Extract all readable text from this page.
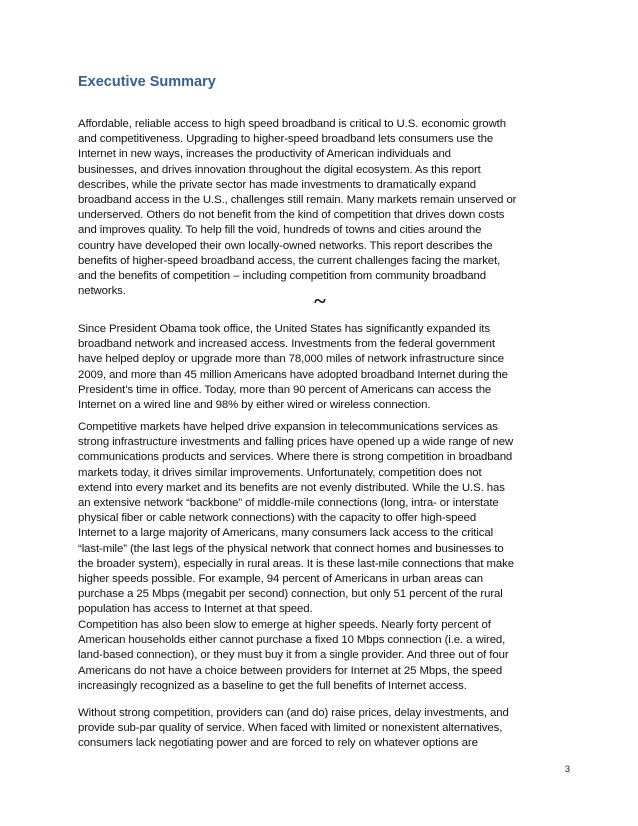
Executive Summary

Affordable, reliable access to high speed broadband is critical to U.S. economic growth
and competitiveness. Upgrading to higher-speed broadband lets consumers use the
Internet in new ways, increases the productivity of American individuals and
businesses, and drives innovation throughout the digital ecosystem. As this report
describes, while the private sector has made investments to dramatically expand
broadband access in the U.S., challenges still remain. Many markets remain unserved or
underserved. Others do not benefit from the kind of competition that drives down costs
and improves quality. To help fill the void, hundreds of towns and cities around the
country have developed their own locally-owned networks. This report describes the
benefits of higher-speed broadband access, the current challenges facing the market,
and the benefits of competition – including competition from community broadband
networks.	~

Since President Obama took office, the United States has significantly expanded its
broadband network and increased access. Investments from the federal government
have helped deploy or upgrade more than 78,000 miles of network infrastructure since
2009, and more than 45 million Americans have adopted broadband Internet during the
President’s time in office. Today, more than 90 percent of Americans can access the
Internet on a wired line and 98% by either wired or wireless connection.

Competitive markets have helped drive expansion in telecommunications services as
strong infrastructure investments and falling prices have opened up a wide range of new
communications products and services. Where there is strong competition in broadband
markets today, it drives similar improvements. Unfortunately, competition does not
extend into every market and its benefits are not evenly distributed. While the U.S. has
an extensive network “backbone” of middle-mile connections (long, intra- or interstate
physical fiber or cable network connections) with the capacity to offer high-speed
Internet to a large majority of Americans, many consumers lack access to the critical
“last-mile” (the last legs of the physical network that connect homes and businesses to
the broader system), especially in rural areas. It is these last-mile connections that make
higher speeds possible. For example, 94 percent of Americans in urban areas can
purchase a 25 Mbps (megabit per second) connection, but only 51 percent of the rural
population has access to Internet at that speed.

Competition has also been slow to emerge at higher speeds. Nearly forty percent of
American households either cannot purchase a fixed 10 Mbps connection (i.e. a wired,
land-based connection), or they must buy it from a single provider. And three out of four
Americans do not have a choice between providers for Internet at 25 Mbps, the speed
increasingly recognized as a baseline to get the full benefits of Internet access.

Without strong competition, providers can (and do) raise prices, delay investments, and
provide sub-par quality of service. When faced with limited or nonexistent alternatives,
consumers lack negotiating power and are forced to rely on whatever options are

3
